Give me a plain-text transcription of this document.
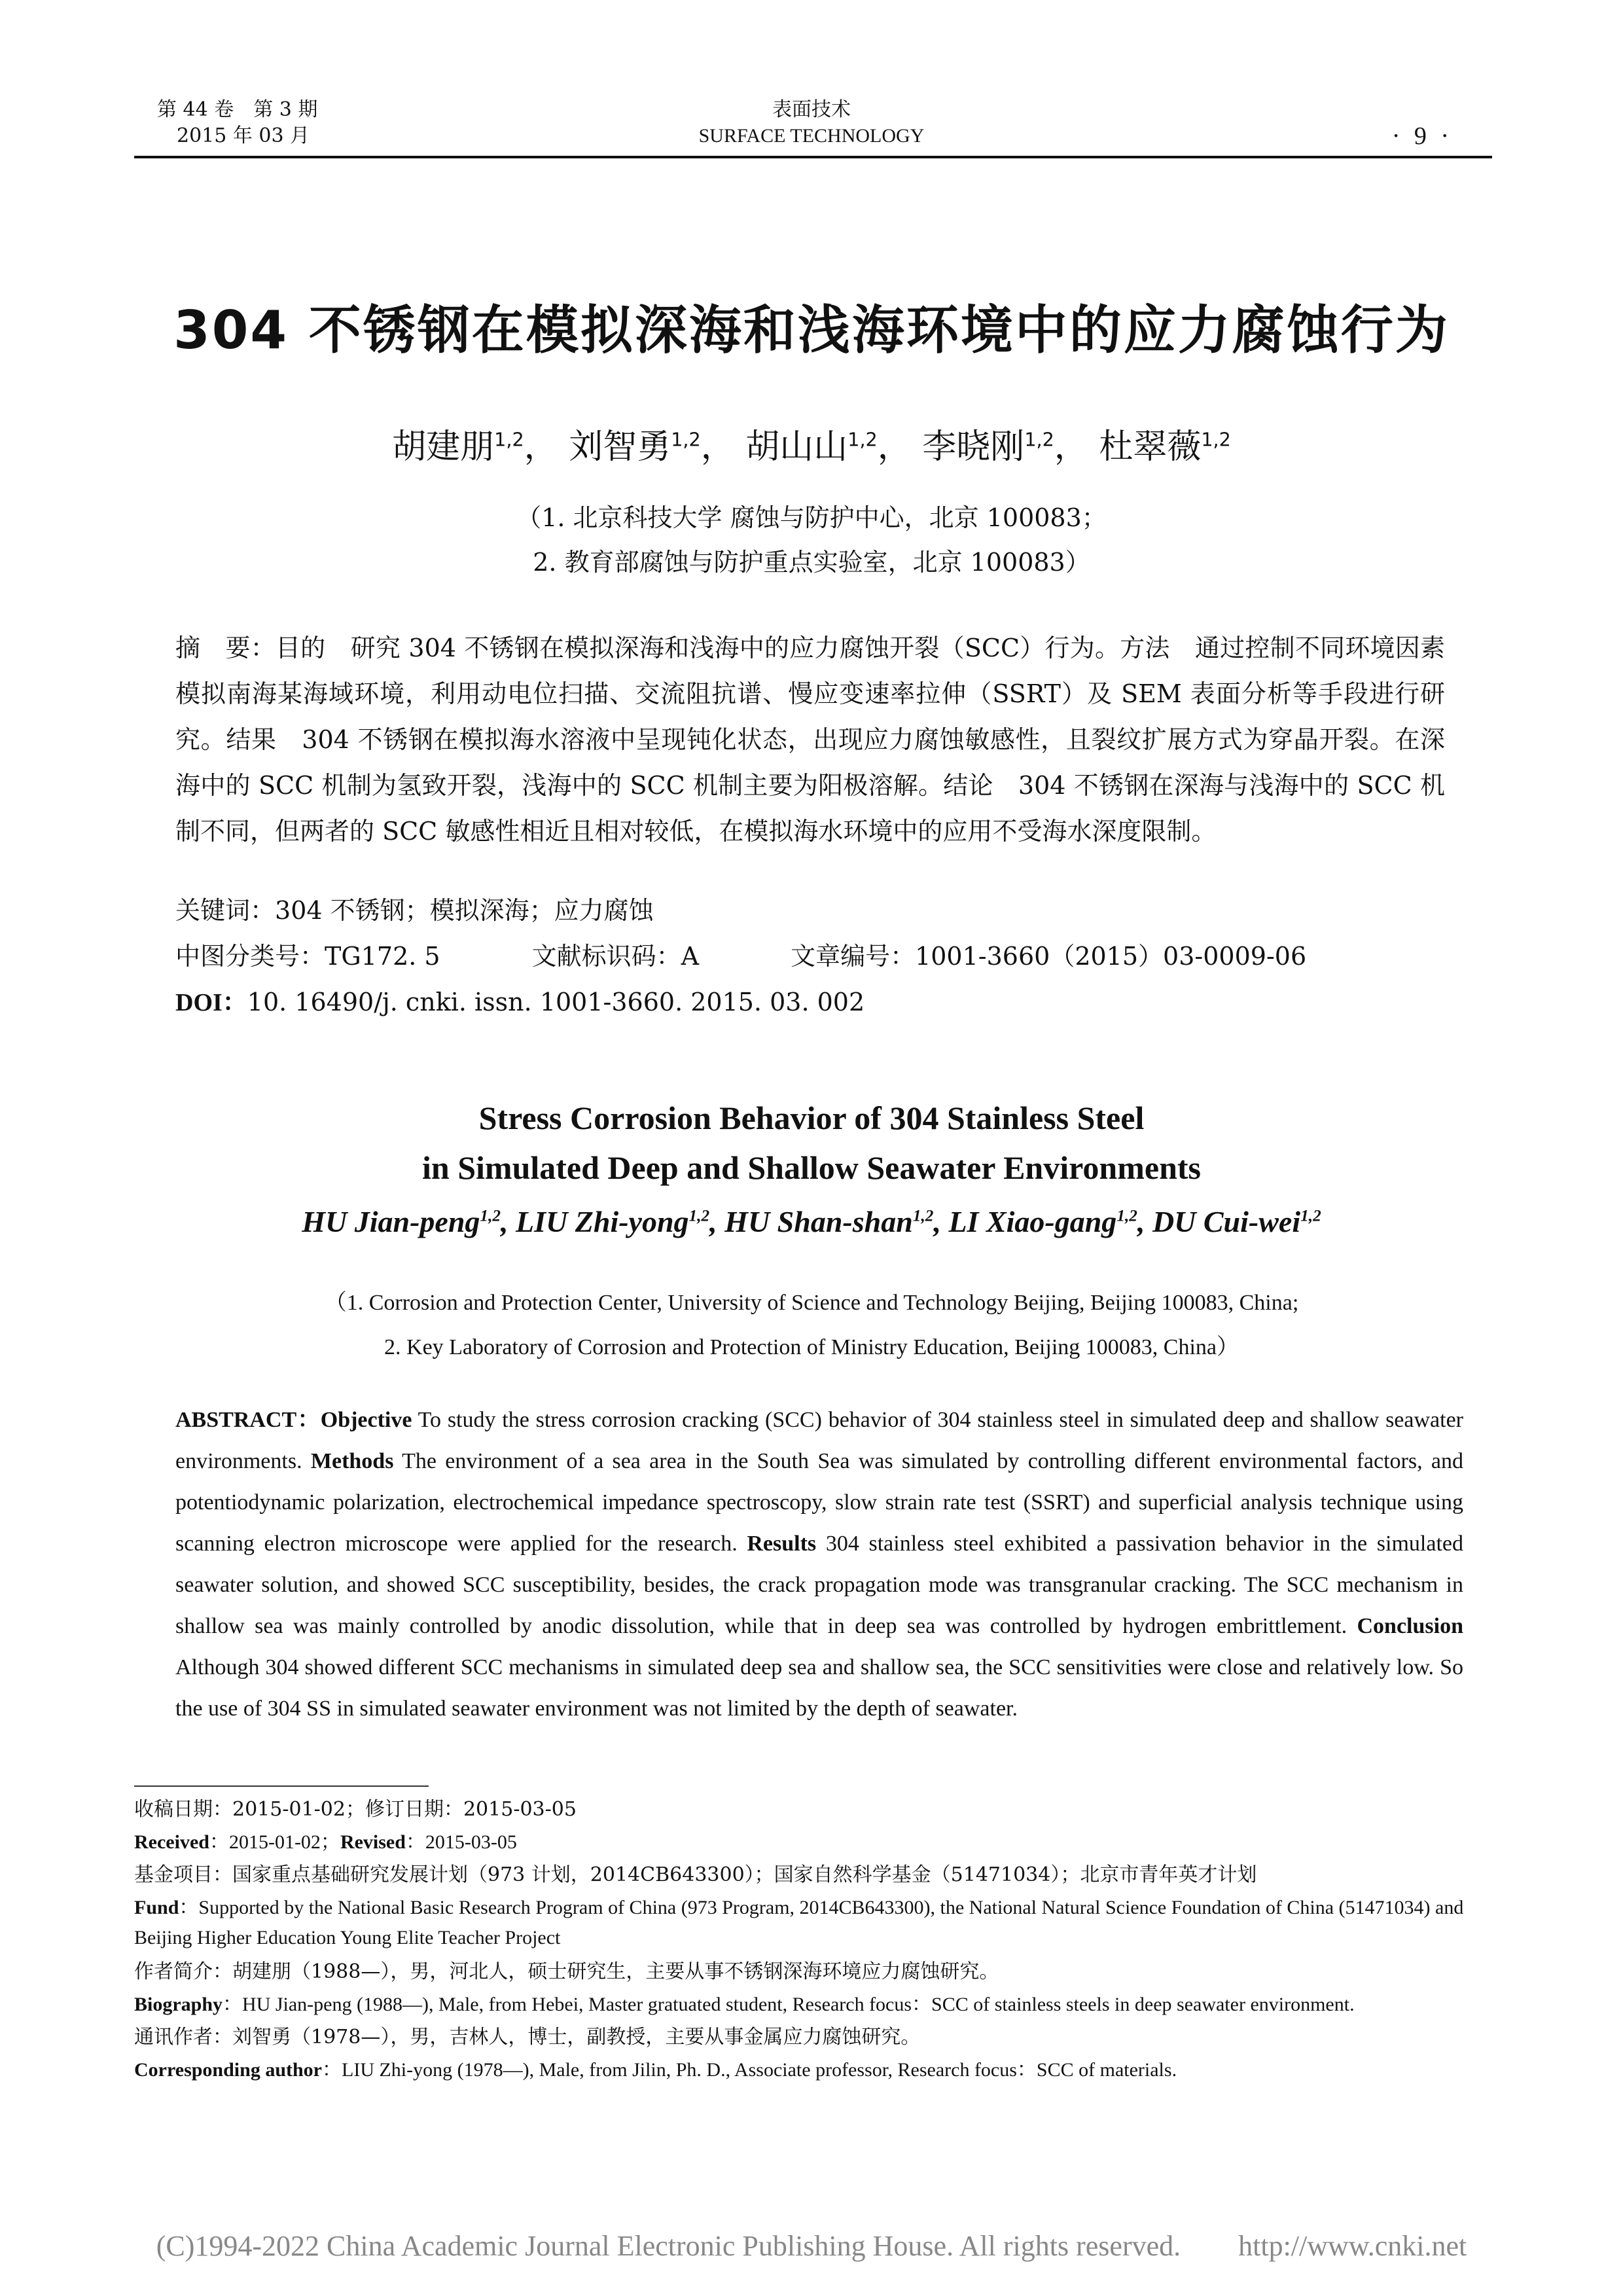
第 44 卷　第 3 期
2015 年 03 月
表面技术
SURFACE TECHNOLOGY	· 9 ·
304 不锈钢在模拟深海和浅海环境中的应力腐蚀行为
胡建朋$^{1,2}$， 刘智勇$^{1,2}$， 胡山山$^{1,2}$， 李晓刚$^{1,2}$， 杜翠薇$^{1,2}$
（1. 北京科技大学 腐蚀与防护中心，北京 100083；
2. 教育部腐蚀与防护重点实验室，北京 100083）
摘　要：目的　研究 304 不锈钢在模拟深海和浅海中的应力腐蚀开裂（SCC）行为。方法　通过控制不同环境因素模拟南海某海域环境，利用动电位扫描、交流阻抗谱、慢应变速率拉伸（SSRT）及 SEM 表面分析等手段进行研究。结果　304 不锈钢在模拟海水溶液中呈现钝化状态，出现应力腐蚀敏感性，且裂纹扩展方式为穿晶开裂。在深海中的 SCC 机制为氢致开裂，浅海中的 SCC 机制主要为阳极溶解。结论　304 不锈钢在深海与浅海中的 SCC 机制不同，但两者的 SCC 敏感性相近且相对较低，在模拟海水环境中的应用不受海水深度限制。
关键词：304 不锈钢；模拟深海；应力腐蚀
中图分类号：TG172. 5	文献标识码：A	文章编号：1001-3660（2015）03-0009-06
DOI：10. 16490/j. cnki. issn. 1001-3660. 2015. 03. 002
Stress Corrosion Behavior of 304 Stainless Steel
in Simulated Deep and Shallow Seawater Environments
HU Jian-peng$^{1,2}$, LIU Zhi-yong$^{1,2}$, HU Shan-shan$^{1,2}$, LI Xiao-gang$^{1,2}$, DU Cui-wei$^{1,2}$
（1. Corrosion and Protection Center, University of Science and Technology Beijing, Beijing 100083, China;
2. Key Laboratory of Corrosion and Protection of Ministry Education, Beijing 100083, China）
ABSTRACT：Objective To study the stress corrosion cracking (SCC) behavior of 304 stainless steel in simulated deep and shallow seawater environments. Methods The environment of a sea area in the South Sea was simulated by controlling different environmental factors, and potentiodynamic polarization, electrochemical impedance spectroscopy, slow strain rate test (SSRT) and superficial analysis technique using scanning electron microscope were applied for the research. Results 304 stainless steel exhibited a passivation behavior in the simulated seawater solution, and showed SCC susceptibility, besides, the crack propagation mode was transgranular cracking. The SCC mechanism in shallow sea was mainly controlled by anodic dissolution, while that in deep sea was controlled by hydrogen embrittlement. Conclusion Although 304 showed different SCC mechanisms in simulated deep sea and shallow sea, the SCC sensitivities were close and relatively low. So the use of 304 SS in simulated seawater environment was not limited by the depth of seawater.
收稿日期：2015-01-02；修订日期：2015-03-05
Received：2015-01-02；Revised：2015-03-05
基金项目：国家重点基础研究发展计划（973 计划，2014CB643300）；国家自然科学基金（51471034）；北京市青年英才计划
Fund：Supported by the National Basic Research Program of China (973 Program, 2014CB643300), the National Natural Science Foundation of China (51471034) and Beijing Higher Education Young Elite Teacher Project
作者简介：胡建朋（1988—），男，河北人，硕士研究生，主要从事不锈钢深海环境应力腐蚀研究。
Biography：HU Jian-peng (1988—), Male, from Hebei, Master gratuated student, Research focus：SCC of stainless steels in deep seawater environment.
通讯作者：刘智勇（1978—），男，吉林人，博士，副教授，主要从事金属应力腐蚀研究。
Corresponding author：LIU Zhi-yong (1978—), Male, from Jilin, Ph. D., Associate professor, Research focus：SCC of materials.
(C)1994-2022 China Academic Journal Electronic Publishing House. All rights reserved.　　http://www.cnki.net
